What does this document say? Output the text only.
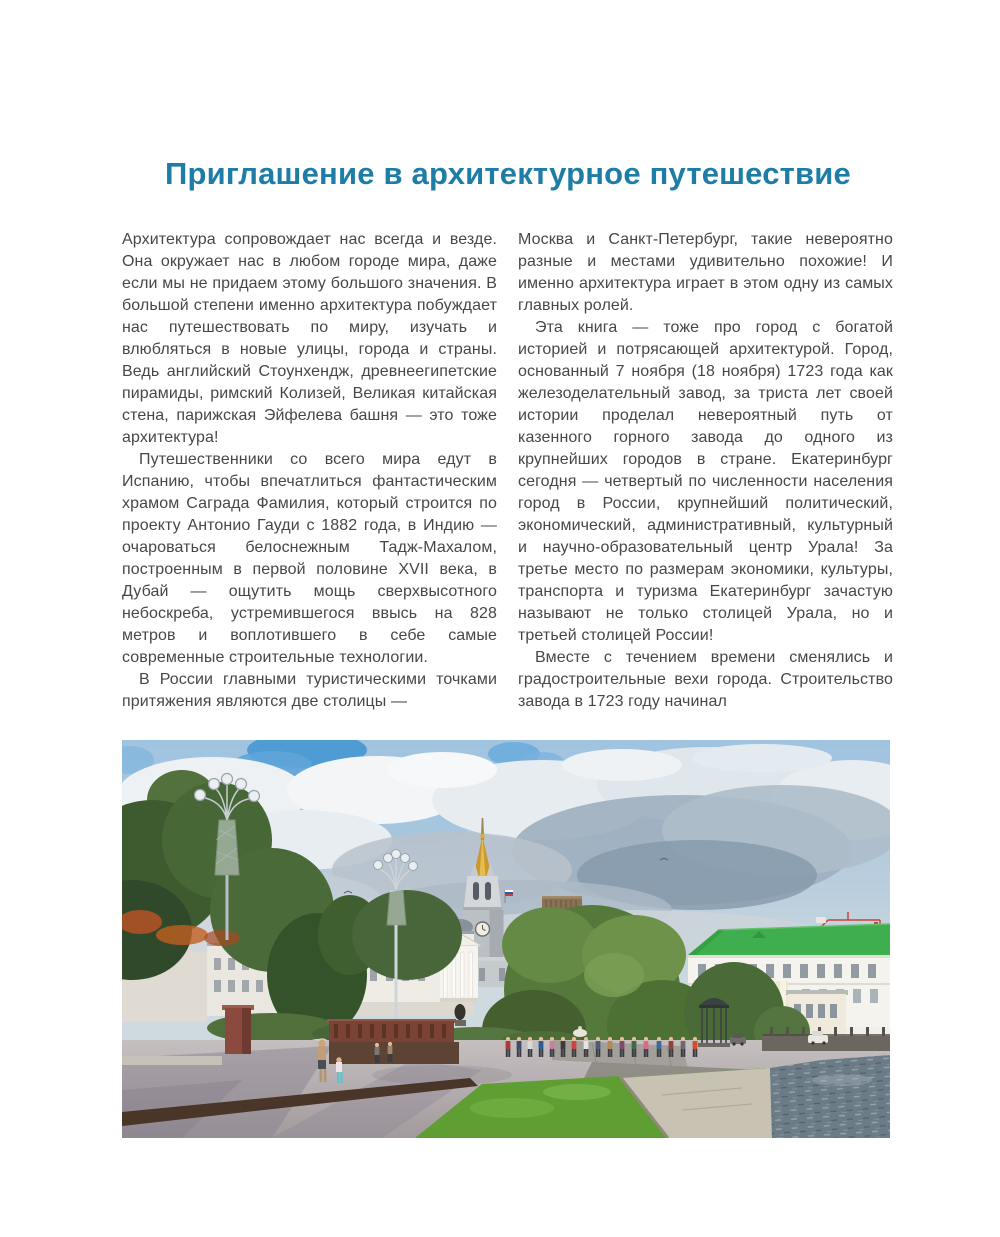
Приглашение в архитектурное путешествие

Архитектура сопровождает нас всегда и везде. Она окружает нас в любом городе мира, даже если мы не придаем этому большого значения. В большой степени именно архитектура побуждает нас путешествовать по миру, изучать и влюбляться в новые улицы, города и страны. Ведь английский Стоунхендж, древнеегипетские пирамиды, римский Колизей, Великая китайская стена, парижская Эйфелева башня — это тоже архитектура!

Путешественники со всего мира едут в Испанию, чтобы впечатлиться фантастическим храмом Саграда Фамилия, который строится по проекту Антонио Гауди с 1882 года, в Индию — очароваться белоснежным Тадж-Махалом, построенным в первой половине XVII века, в Дубай — ощутить мощь сверхвысотного небоскреба, устремившегося ввысь на 828 метров и воплотившего в себе самые современные строительные технологии.

В России главными туристическими точками притяжения являются две столицы —

Москва и Санкт-Петербург, такие невероятно разные и местами удивительно похожие! И именно архитектура играет в этом одну из самых главных ролей.

Эта книга — тоже про город с богатой историей и потрясающей архитектурой. Город, основанный 7 ноября (18 ноября) 1723 года как железоделательный завод, за триста лет своей истории проделал невероятный путь от казенного горного завода до одного из крупнейших городов в стране. Екатеринбург сегодня — четвертый по численности населения город в России, крупнейший политический, экономический, административный, культурный и научно-образовательный центр Урала! За третье место по размерам экономики, культуры, транспорта и туризма Екатеринбург зачастую называют не только столицей Урала, но и третьей столицей России!

Вместе с течением времени сменялись и градостроительные вехи города. Строительство завода в 1723 году начинал
